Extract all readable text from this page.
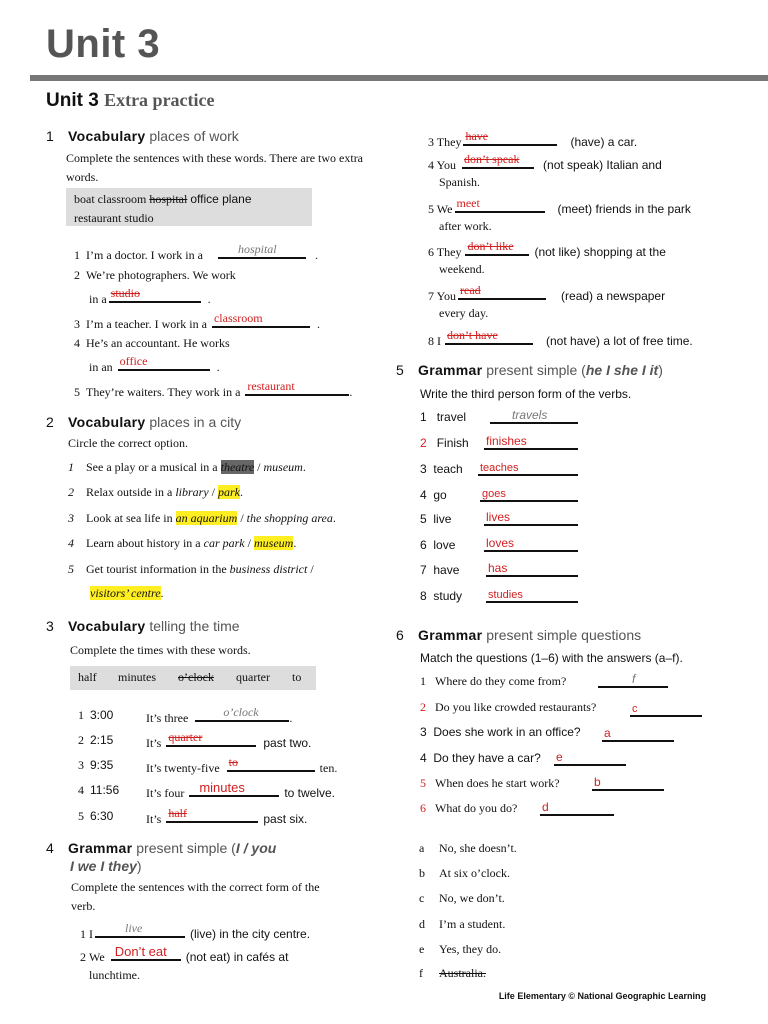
Unit 3
Unit 3 Extra practice
1 Vocabulary places of work
Complete the sentences with these words. There are two extra words.
boat classroom hospital office plane
restaurant studio
1 I’m a doctor. I work in a	hospital	.
2 We’re photographers. We work
in a studio	.
3 I’m a teacher. I work in a classroom	.
4 He’s an accountant. He works
in an office	.
5 They’re waiters. They work in a restaurant	.
2 Vocabulary places in a city
Circle the correct option.
1 See a play or a musical in a theatre / museum.
2 Relax outside in a library / park.
3 Look at sea life in an aquarium / the shopping area.
4 Learn about history in a car park / museum.
5 Get tourist information in the business district /
visitors’ centre.
3 Vocabulary telling the time
Complete the times with these words.
half minutes o’clock quarter to
1 3:00	It’s three	o’clock	.
2 2:15	It’s quarter	past two.
3 9:35	It’s twenty-five to	ten.
4 11:56 It’s four minutes	to twelve.
5 6:30	It’s half	past six.
4 Grammar present simple (I / you
I we I they)
Complete the sentences with the correct form of the verb.
1 I	live	(live) in the city centre.
2 We Don’t eat (not eat) in cafés at
lunchtime.
3 They have	(have) a car.
4 You don’t speak (not speak) Italian and
Spanish.
5 We meet	(meet) friends in the park
after work.
6 They don’t like (not like) shopping at the
weekend.
7 You read	(read) a newspaper
every day.
8 I don’t have	(not have) a lot of free time.
5 Grammar present simple (he I she I it)
Write the third person form of the verbs.
1 travel	travels
2 Finish finishes
3 teach teaches
4 go	goes
5 live	lives
6 love	loves
7 have has
8 study studies
6 Grammar present simple questions
Match the questions (1–6) with the answers (a–f).
1 Where do they come from?	f
2 Do you like crowded restaurants?	c
3 Does she work in an office? a
4 Do they have a car? e
5 When does he start work?	b
6 What do you do? d
a No, she doesn’t.
b At six o’clock.
c No, we don’t.
d I’m a student.
e Yes, they do.
f Australia.
Life Elementary © National Geographic Learning
